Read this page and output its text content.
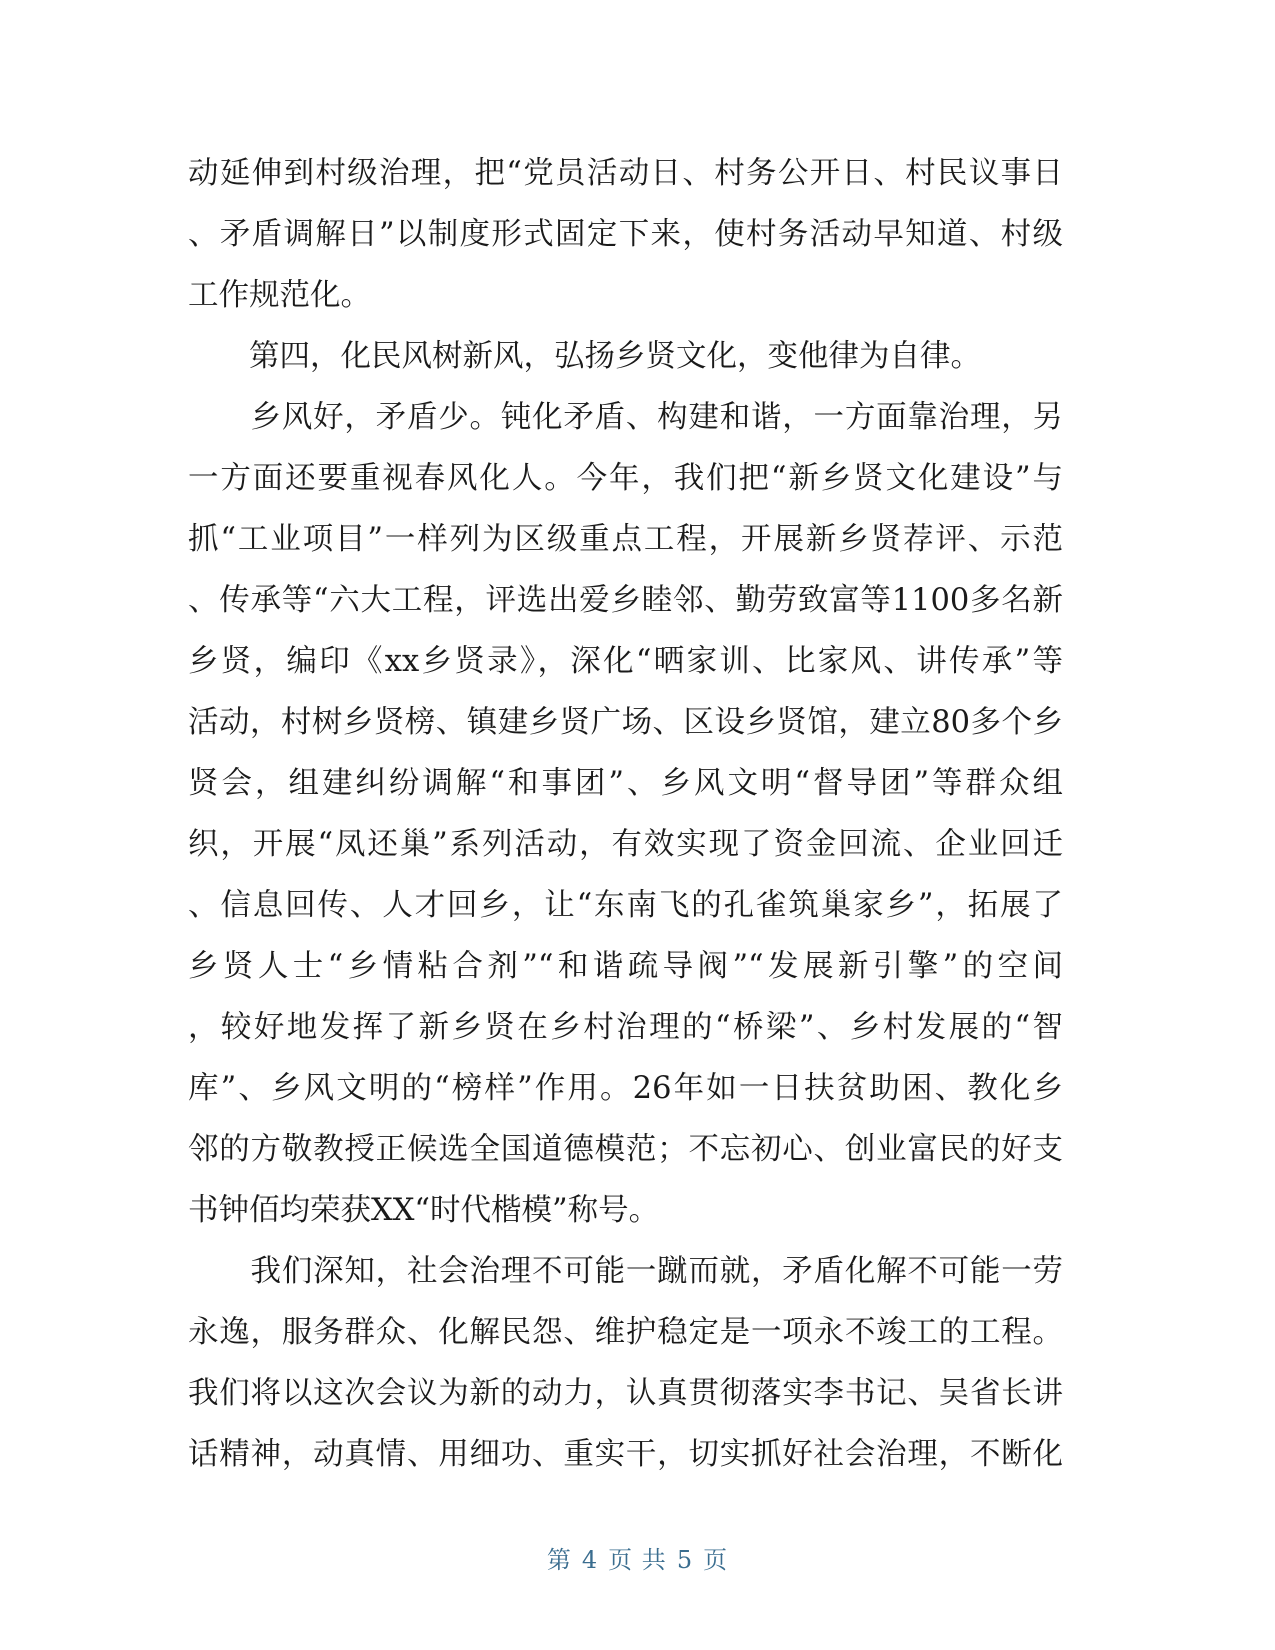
动延伸到村级治理，把“党员活动日、村务公开日、村民议事日
、矛盾调解日”以制度形式固定下来，使村务活动早知道、村级
工作规范化。
　　第四，化民风树新风，弘扬乡贤文化，变他律为自律。
　　乡风好，矛盾少。钝化矛盾、构建和谐，一方面靠治理，另
一方面还要重视春风化人。今年，我们把“新乡贤文化建设”与
抓“工业项目”一样列为区级重点工程，开展新乡贤荐评、示范
、传承等“六大工程，评选出爱乡睦邻、勤劳致富等1100多名新
乡贤，编印《xx乡贤录》，深化“晒家训、比家风、讲传承”等
活动，村树乡贤榜、镇建乡贤广场、区设乡贤馆，建立80多个乡
贤会，组建纠纷调解“和事团”、乡风文明“督导团”等群众组
织，开展“凤还巢”系列活动，有效实现了资金回流、企业回迁
、信息回传、人才回乡，让“东南飞的孔雀筑巢家乡”，拓展了
乡贤人士“乡情粘合剂”“和谐疏导阀”“发展新引擎”的空间
，较好地发挥了新乡贤在乡村治理的“桥梁”、乡村发展的“智
库”、乡风文明的“榜样”作用。26年如一日扶贫助困、教化乡
邻的方敬教授正候选全国道德模范；不忘初心、创业富民的好支
书钟佰均荣获XX“时代楷模”称号。
　　我们深知，社会治理不可能一蹴而就，矛盾化解不可能一劳
永逸，服务群众、化解民怨、维护稳定是一项永不竣工的工程。
我们将以这次会议为新的动力，认真贯彻落实李书记、吴省长讲
话精神，动真情、用细功、重实干，切实抓好社会治理，不断化
第 4 页 共 5 页
